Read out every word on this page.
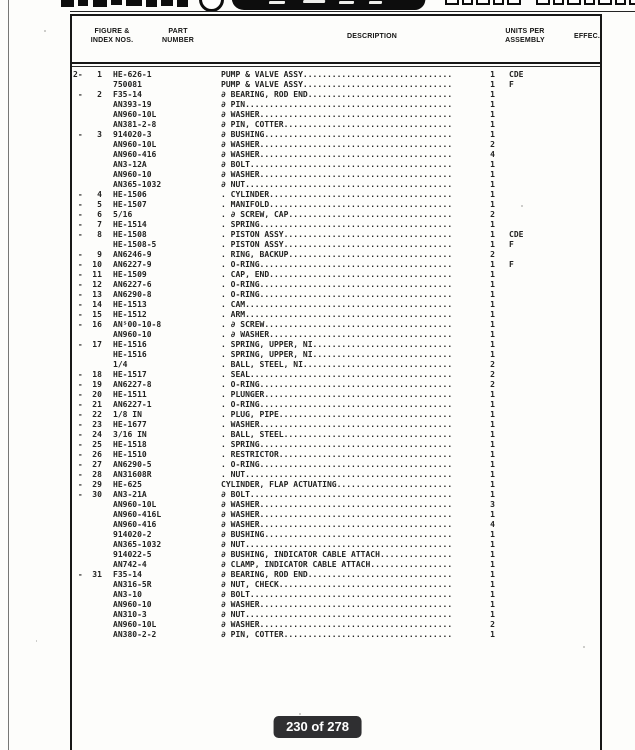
FIGURE &
INDEX NOS.
PART
NUMBER	DESCRIPTION
UNITS PER
ASSEMBLY	EFFEC.
2-   1	HE-626-1	PUMP & VALVE ASSY...............................	1 CDE
750081	PUMP & VALVE ASSY...............................	1 F
-   2	F35-14	∂ BEARING, ROD END..............................	1
AN393-19	∂ PIN...........................................	1
AN960-10L	∂ WASHER........................................	1
AN381-2-8	∂ PIN, COTTER...................................	1
-   3	914020-3	∂ BUSHING.......................................	1
AN960-10L	∂ WASHER........................................	2
AN960-416	∂ WASHER........................................	4
AN3-12A	∂ BOLT..........................................	1
AN960-10	∂ WASHER........................................	1
AN365-1032	∂ NUT...........................................	1
-   4	HE-1506	. CYLINDER......................................	1
-   5	HE-1507	. MANIFOLD......................................	1
-   6	5/16	. ∂ SCREW, CAP..................................	2
-   7	HE-1514	. SPRING........................................	1
-   8	HE-1508	. PISTON ASSY...................................	1 CDE
HE-1508-5	. PISTON ASSY...................................	1 F
-   9	AN6246-9	. RING, BACKUP..................................	2
-  10	AN6227-9	. O-RING........................................	1 F
-  11	HE-1509	. CAP, END......................................	1
-  12	AN6227-6	. O-RING........................................	1
-  13	AN6290-8	. O-RING........................................	1
-  14	HE-1513	. CAM...........................................	1
-  15	HE-1512	. ARM...........................................	1
-  16	AN⁵00-10-8	. ∂ SCREW.......................................	1
AN960-10	. ∂ WASHER......................................	1
-  17	HE-1516	. SPRING, UPPER, NI.............................	1
HE-1516	. SPRING, UPPER, NI.............................	1
1/4	. BALL, STEEL, NI...............................	2
-  18	HE-1517	. SEAL..........................................	2
-  19	AN6227-8	. O-RING........................................	2
-  20	HE-1511	. PLUNGER.......................................	1
-  21	AN6227-1	. O-RING........................................	1
-  22	1/8 IN	. PLUG, PIPE....................................	1
-  23	HE-1677	. WASHER........................................	1
-  24	3/16 IN	. BALL, STEEL...................................	1
-  25	HE-1518	. SPRING........................................	1
-  26	HE-1510	. RESTRICTOR....................................	1
-  27	AN6290-5	. O-RING........................................	1
-  28	AN31608R	. NUT...........................................	1
-  29	HE-625	CYLINDER, FLAP ACTUATING........................	1
-  30	AN3-21A	∂ BOLT..........................................	1
AN960-10L	∂ WASHER........................................	3
AN960-416L	∂ WASHER........................................	1
AN960-416	∂ WASHER........................................	4
914020-2	∂ BUSHING.......................................	1
AN365-1032	∂ NUT...........................................	1
914022-5	∂ BUSHING, INDICATOR CABLE ATTACH...............	1
AN742-4	∂ CLAMP, INDICATOR CABLE ATTACH.................	1
-  31	F35-14	∂ BEARING, ROD END..............................	1
AN316-5R	∂ NUT, CHECK....................................	1
AN3-10	∂ BOLT..........................................	1
AN960-10	∂ WASHER........................................	1
AN310-3	∂ NUT...........................................	1
AN960-10L	∂ WASHER........................................	2
AN380-2-2	∂ PIN, COTTER...................................	1
230 of 278
